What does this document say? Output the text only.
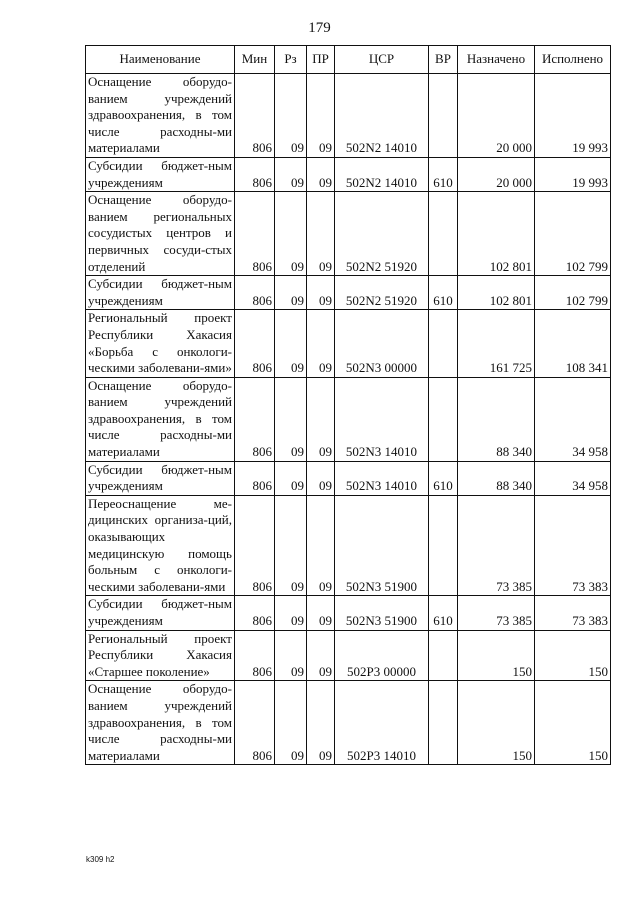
179
Наименование	Мин	Рз	ПР	ЦСР	ВР	Назначено	Исполнено
Оснащение оборудо-ванием учреждений здравоохранения, в том числе расходны-ми материалами	806	09	09	502N2 14010		20 000	19 993
Субсидии бюджет-ным учреждениям	806	09	09	502N2 14010	610	20 000	19 993
Оснащение оборудо-ванием региональных сосудистых центров и первичных сосуди-стых отделений	806	09	09	502N2 51920		102 801	102 799
Субсидии бюджет-ным учреждениям	806	09	09	502N2 51920	610	102 801	102 799
Региональный проект Республики Хакасия «Борьба с онкологи-ческими заболевани-ями»	806	09	09	502N3 00000		161 725	108 341
Оснащение оборудо-ванием учреждений здравоохранения, в том числе расходны-ми материалами	806	09	09	502N3 14010		88 340	34 958
Субсидии бюджет-ным учреждениям	806	09	09	502N3 14010	610	88 340	34 958
Переоснащение ме-дицинских организа-ций, оказывающих медицинскую помощь больным с онкологи-ческими заболевани-ями	806	09	09	502N3 51900		73 385	73 383
Субсидии бюджет-ным учреждениям	806	09	09	502N3 51900	610	73 385	73 383
Региональный проект Республики Хакасия «Старшее поколение»	806	09	09	502P3 00000		150	150
Оснащение оборудо-ванием учреждений здравоохранения, в том числе расходны-ми материалами	806	09	09	502P3 14010		150	150
k309 h2
